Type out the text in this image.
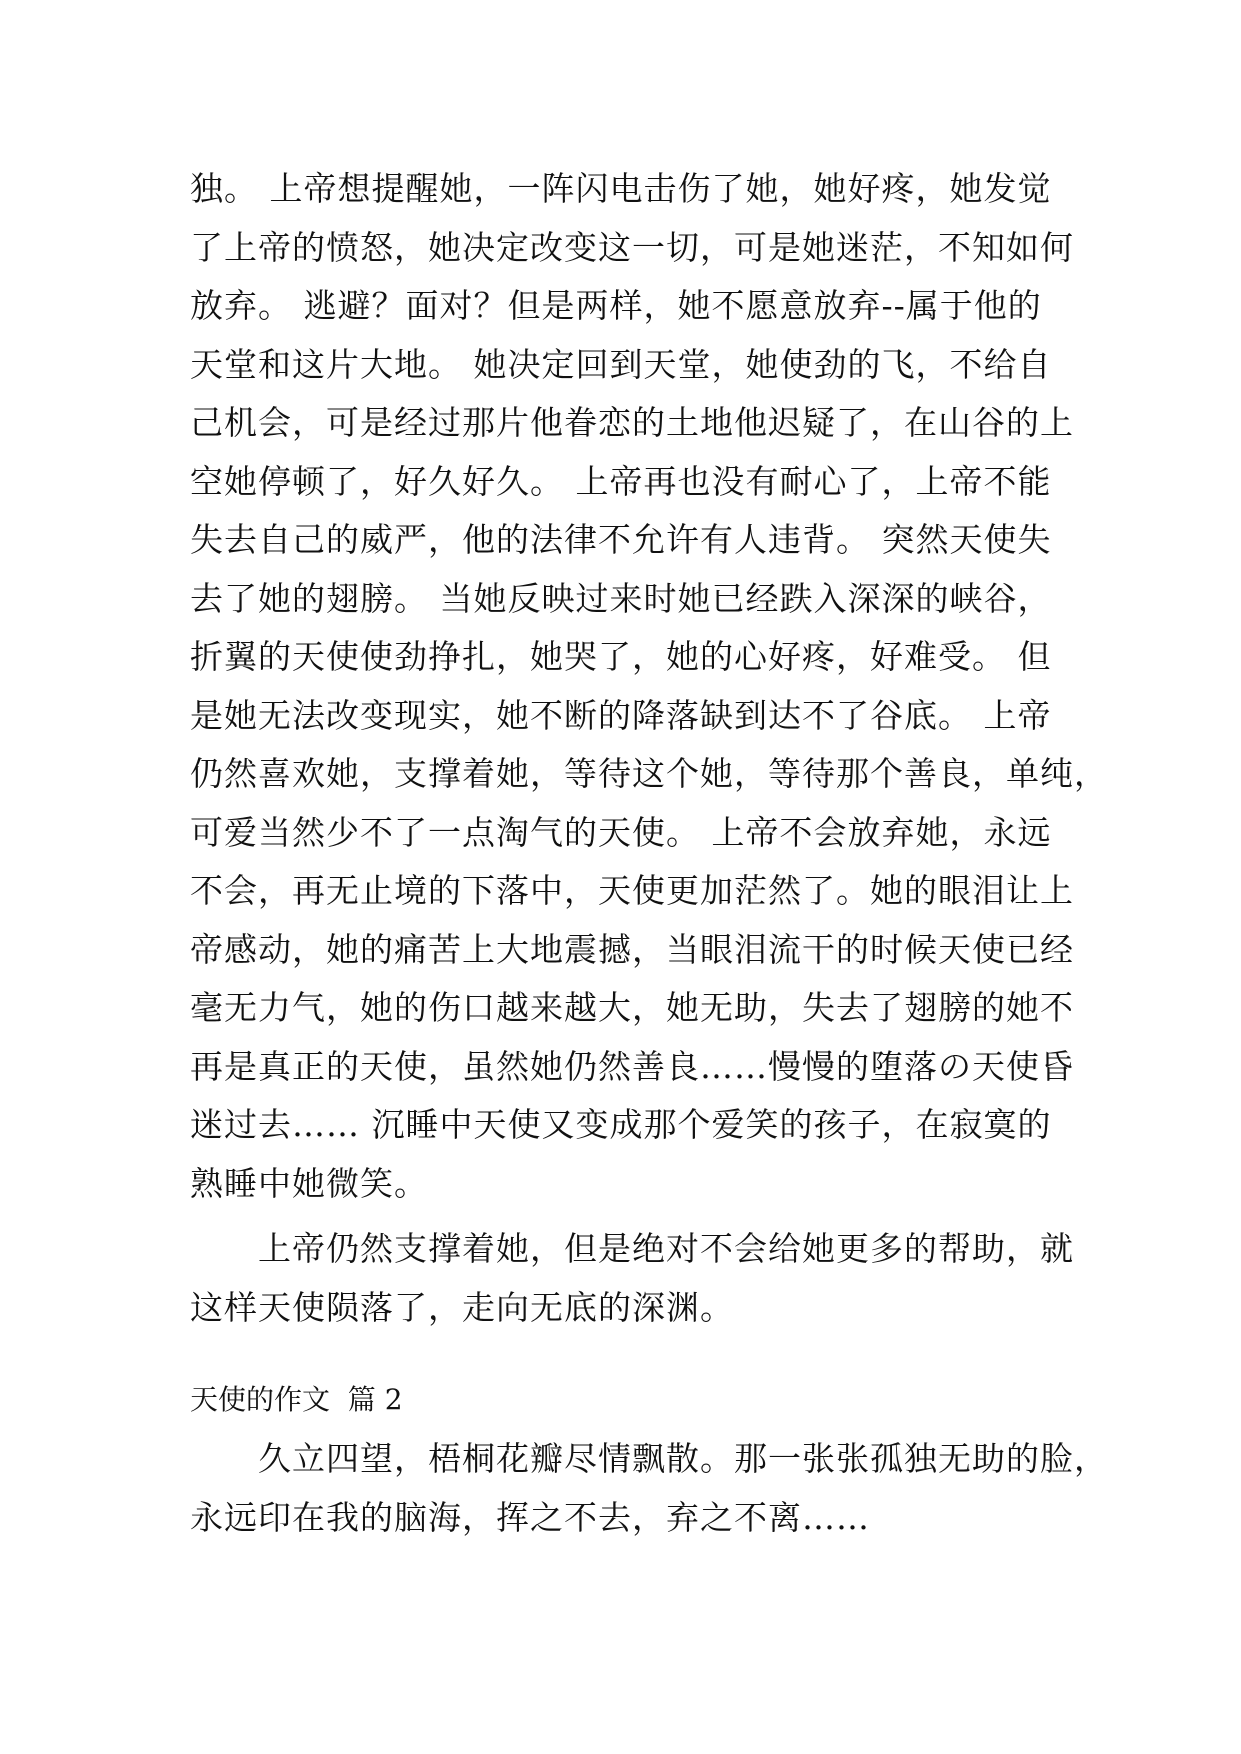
独。 上帝想提醒她，一阵闪电击伤了她，她好疼，她发觉
了上帝的愤怒，她决定改变这一切，可是她迷茫，不知如何
放弃。 逃避？面对？但是两样，她不愿意放弃--属于他的
天堂和这片大地。 她决定回到天堂，她使劲的飞，不给自
己机会，可是经过那片他眷恋的土地他迟疑了，在山谷的上
空她停顿了，好久好久。 上帝再也没有耐心了，上帝不能
失去自己的威严，他的法律不允许有人违背。 突然天使失
去了她的翅膀。 当她反映过来时她已经跌入深深的峡谷，
折翼的天使使劲挣扎，她哭了，她的心好疼，好难受。 但
是她无法改变现实，她不断的降落缺到达不了谷底。 上帝
仍然喜欢她，支撑着她，等待这个她，等待那个善良，单纯，
可爱当然少不了一点淘气的天使。 上帝不会放弃她，永远
不会，再无止境的下落中，天使更加茫然了。她的眼泪让上
帝感动，她的痛苦上大地震撼，当眼泪流干的时候天使已经
毫无力气，她的伤口越来越大，她无助，失去了翅膀的她不
再是真正的天使，虽然她仍然善良……慢慢的堕落の天使昏
迷过去…… 沉睡中天使又变成那个爱笑的孩子，在寂寞的
熟睡中她微笑。
　　上帝仍然支撑着她，但是绝对不会给她更多的帮助，就
这样天使陨落了，走向无底的深渊。
天使的作文  篇 2
　　久立四望，梧桐花瓣尽情飘散。那一张张孤独无助的脸，
永远印在我的脑海，挥之不去，弃之不离……
